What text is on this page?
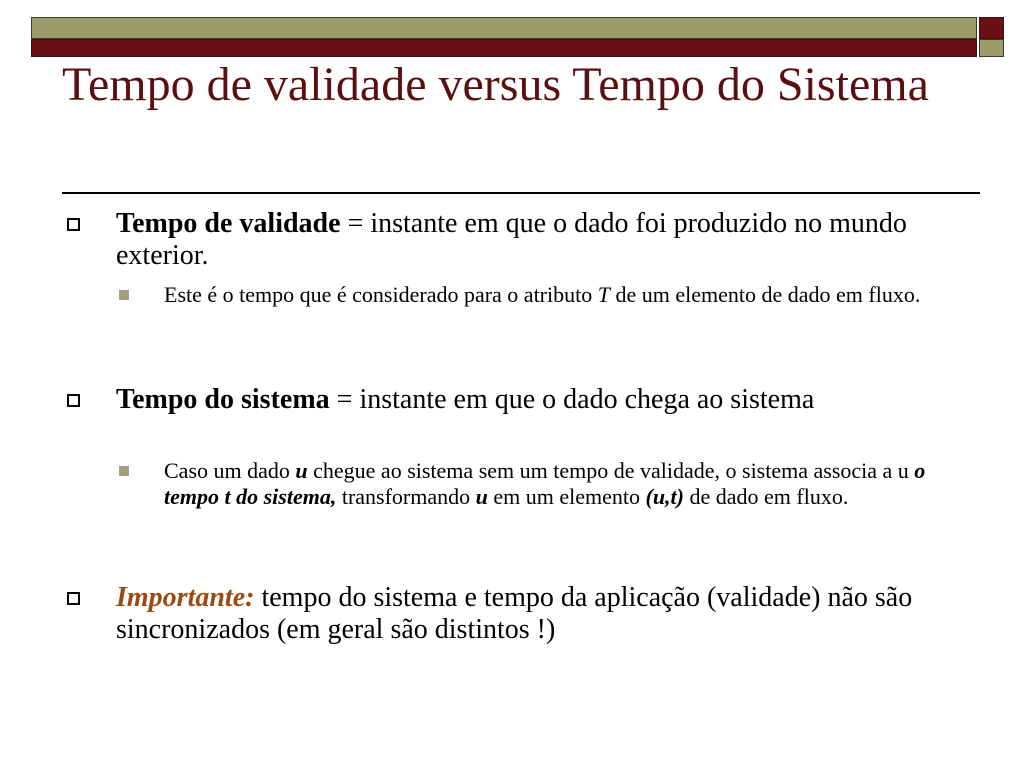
Tempo de validade versus Tempo do Sistema
Tempo de validade = instante em que o dado foi produzido no mundo exterior.
Este é o tempo que é considerado para o atributo T de um elemento de dado em fluxo.
Tempo do sistema = instante em que o dado chega ao sistema
Caso um dado u chegue ao sistema sem um tempo de validade, o sistema associa a u o tempo t do sistema, transformando u em um elemento (u,t) de dado em fluxo.
Importante: tempo do sistema e tempo da aplicação (validade) não são sincronizados (em geral são distintos !)
